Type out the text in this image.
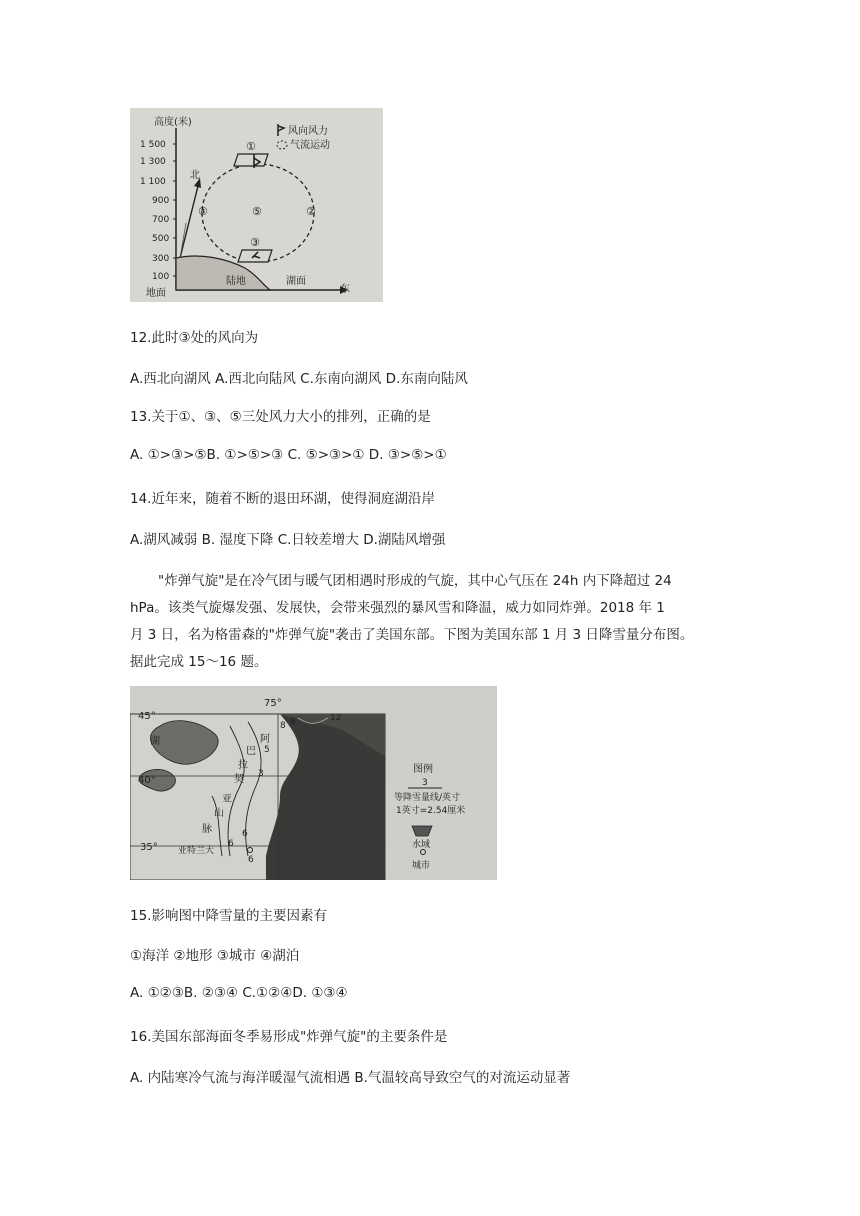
高度(米)
1 500
1 300
1 100
900
700
500
300
100
地面
北
东
陆地	湖面
风向风力
气流运动
①
②
③
④	⑤
12.此时③处的风向为
A.西北向湖风 A.西北向陆风 C.东南向湖风 D.东南向陆风
13.关于①、③、⑤三处风力大小的排列，正确的是
A. ①>③>⑤B. ①>⑤>③ C. ⑤>③>① D. ③>⑤>①
14.近年来，随着不断的退田环湖，使得洞庭湖沿岸
A.湖风减弱 B. 湿度下降 C.日较差增大 D.湖陆风增强
"炸弹气旋"是在冷气团与暖气团相遇时形成的气旋，其中心气压在 24h 内下降超过 24
hPa。该类气旋爆发强、发展快，会带来强烈的暴风雪和降温，威力如同炸弹。2018 年 1
月 3 日，名为格雷森的"炸弹气旋"袭击了美国东部。下图为美国东部 1 月 3 日降雪量分布图。
据此完成 15～16 题。
45°
40°
35°
75°
湖	阿
巴
拉
契
亚
山
脉
亚特兰大
8	12
3
5
6
6
8
6
图例
3
等降雪量线/英寸
1英寸=2.54厘米
水域
城市
15.影响图中降雪量的主要因素有
①海洋 ②地形 ③城市 ④湖泊
A. ①②③B. ②③④ C.①②④D. ①③④
16.美国东部海面冬季易形成"炸弹气旋"的主要条件是
A. 内陆寒冷气流与海洋暖湿气流相遇 B.气温较高导致空气的对流运动显著
